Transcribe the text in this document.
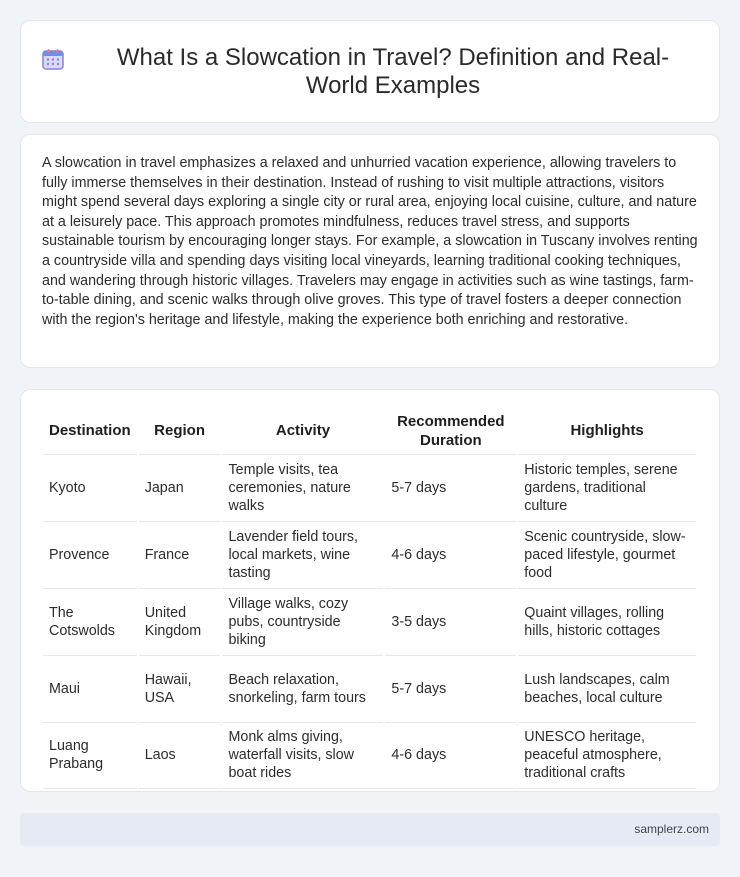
What Is a Slowcation in Travel? Definition and Real-World Examples

A slowcation in travel emphasizes a relaxed and unhurried vacation experience, allowing travelers to fully immerse themselves in their destination. Instead of rushing to visit multiple attractions, visitors might spend several days exploring a single city or rural area, enjoying local cuisine, culture, and nature at a leisurely pace. This approach promotes mindfulness, reduces travel stress, and supports sustainable tourism by encouraging longer stays. For example, a slowcation in Tuscany involves renting a countryside villa and spending days visiting local vineyards, learning traditional cooking techniques, and wandering through historic villages. Travelers may engage in activities such as wine tastings, farm-to-table dining, and scenic walks through olive groves. This type of travel fosters a deeper connection with the region's heritage and lifestyle, making the experience both enriching and restorative.

Destination	Region	Activity	Recommended Duration	Highlights
Kyoto	Japan	Temple visits, tea ceremonies, nature walks	5-7 days	Historic temples, serene gardens, traditional culture
Provence	France	Lavender field tours, local markets, wine tasting	4-6 days	Scenic countryside, slow-paced lifestyle, gourmet food
The Cotswolds	United Kingdom	Village walks, cozy pubs, countryside biking	3-5 days	Quaint villages, rolling hills, historic cottages
Maui	Hawaii, USA	Beach relaxation, snorkeling, farm tours	5-7 days	Lush landscapes, calm beaches, local culture
Luang Prabang	Laos	Monk alms giving, waterfall visits, slow boat rides	4-6 days	UNESCO heritage, peaceful atmosphere, traditional crafts
samplerz.com
